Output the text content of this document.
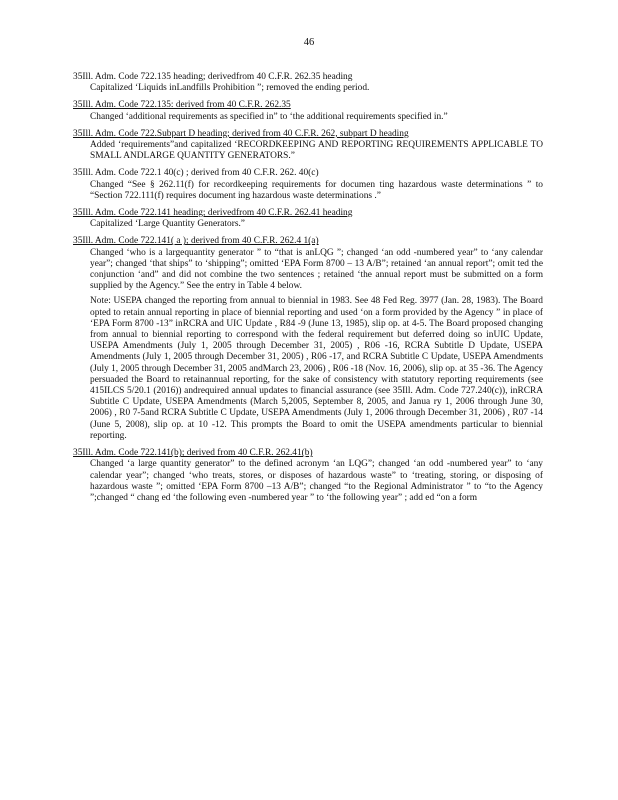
46
35Ill. Adm. Code 722.135 heading; derivedfrom 40 C.F.R. 262.35 heading
Capitalized ‘Liquids inLandfills Prohibition ”; removed the ending period.
35Ill. Adm. Code 722.135: derived from 40 C.F.R. 262.35
Changed ‘additional requirements as specified in” to ‘the additional requirements specified in.”
35Ill. Adm. Code 722.Subpart D heading; derived from 40 C.F.R. 262, subpart D heading
Added ‘requirements”and capitalized ‘RECORDKEEPING AND REPORTING REQUIREMENTS APPLICABLE TO SMALL ANDLARGE QUANTITY GENERATORS.”
35Ill. Adm. Code 722.1 40(c) ; derived from 40 C.F.R. 262. 40(c)
Changed “See § 262.11(f) for recordkeeping requirements for documen ting hazardous waste determinations ” to “Section 722.111(f) requires document ing hazardous waste determinations .”
35Ill. Adm. Code 722.141 heading; derivedfrom 40 C.F.R. 262.41 heading
Capitalized ‘Large Quantity Generators.”
35Ill. Adm. Code 722.141( a ); derived from 40 C.F.R. 262.4 1(a)
Changed ‘who is a largequantity generator ” to “that is anLQG ”; changed ‘an odd -numbered year” to ‘any calendar year”; changed ‘that ships” to ‘shipping”; omitted ‘EPA Form 8700 – 13 A/B”; retained ‘an annual report”; omit ted the conjunction ‘and” and did not combine the two sentences ; retained ‘the annual report must be submitted on a form supplied by the Agency.” See the entry in Table 4 below.
Note: USEPA changed the reporting from annual to biennial in 1983. See 48 Fed Reg. 3977 (Jan. 28, 1983). The Board opted to retain annual reporting in place of biennial reporting and used ‘on a form provided by the Agency ” in place of ‘EPA Form 8700 -13” inRCRA and UIC Update , R84 -9 (June 13, 1985), slip op. at 4-5. The Board proposed changing from annual to biennial reporting to correspond with the federal requirement but deferred doing so inUIC Update, USEPA Amendments (July 1, 2005 through December 31, 2005) , R06 -16, RCRA Subtitle D Update, USEPA Amendments (July 1, 2005 through December 31, 2005) , R06 -17, and RCRA Subtitle C Update, USEPA Amendments (July 1, 2005 through December 31, 2005 andMarch 23, 2006) , R06 -18 (Nov. 16, 2006), slip op. at 35 -36. The Agency persuaded the Board to retainannual reporting, for the sake of consistency with statutory reporting requirements (see 415ILCS 5/20.1 (2016)) andrequired annual updates to financial assurance (see 35Ill. Adm. Code 727.240(c)), inRCRA Subtitle C Update, USEPA Amendments (March 5,2005, September 8, 2005, and Janua ry 1, 2006 through June 30, 2006) , R0 7-5and RCRA Subtitle C Update, USEPA Amendments (July 1, 2006 through December 31, 2006) , R07 -14 (June 5, 2008), slip op. at 10 -12. This prompts the Board to omit the USEPA amendments particular to biennial reporting.
35Ill. Adm. Code 722.141(b); derived from 40 C.F.R. 262.41(b)
Changed ‘a large quantity generator” to the defined acronym ‘an LQG”; changed ‘an odd -numbered year” to ‘any calendar year”; changed ‘who treats, stores, or disposes of hazardous waste” to ‘treating, storing, or disposing of hazardous waste ”; omitted ‘EPA Form 8700 –13 A/B”; changed “to the Regional Administrator ” to “to the Agency ”;changed “ chang ed ‘the following even -numbered year ” to ‘the following year” ; add ed “on a form
